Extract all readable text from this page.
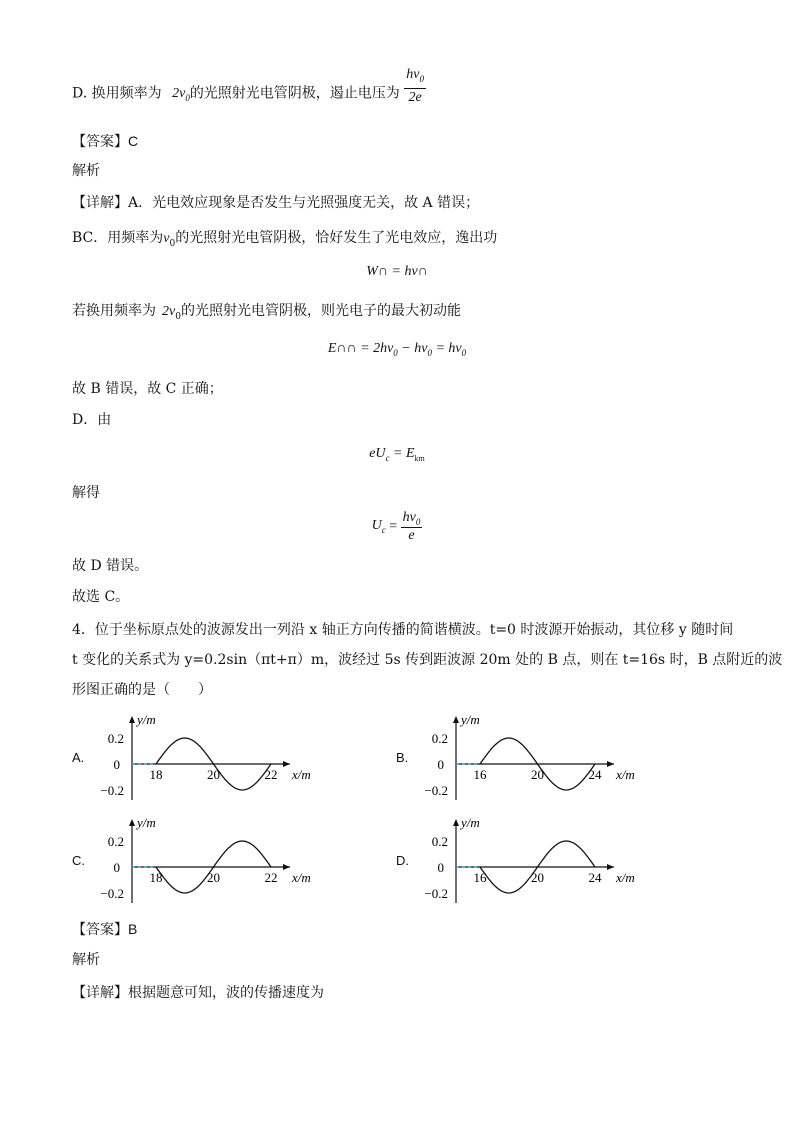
D. 换用频率为 $2\nu_0$的光照射光电管阴极，遏止电压为 $\frac{h\nu_0}{2e}$
【答案】C
解析
【详解】A．光电效应现象是否发生与光照强度无关，故 A 错误；
BC．用频率为$\nu_0$的光照射光电管阴极，恰好发生了光电效应，逸出功
W∩ = hν∩
若换用频率为 $2\nu_0$的光照射光电管阴极，则光电子的最大初动能
E∩∩ = $2h\nu_0 - h\nu_0 = h\nu_0$
故 B 错误，故 C 正确；
D．由
$eU_c = E_{km}$
解得
$U_c = \frac{h\nu_0}{e}$
故 D 错误。
故选 C。
4．位于坐标原点处的波源发出一列沿 x 轴正方向传播的简谐横波。t=0 时波源开始振动，其位移 y 随时间
t 变化的关系式为 y=0.2sin（πt+π）m，波经过 5s 传到距波源 20m 处的 B 点，则在 t=16s 时，B 点附近的波
形图正确的是（　　）
A.	B.
C.	D.
y/m
0.2
0
−0.2
18	20	22 x/m
y/m
0.2
0
−0.2
16	20	24 x/m
y/m
0.2
0
−0.2
18	20	22 x/m
y/m
0.2
0
−0.2
16	20	24 x/m
【答案】B
解析
【详解】根据题意可知，波的传播速度为
